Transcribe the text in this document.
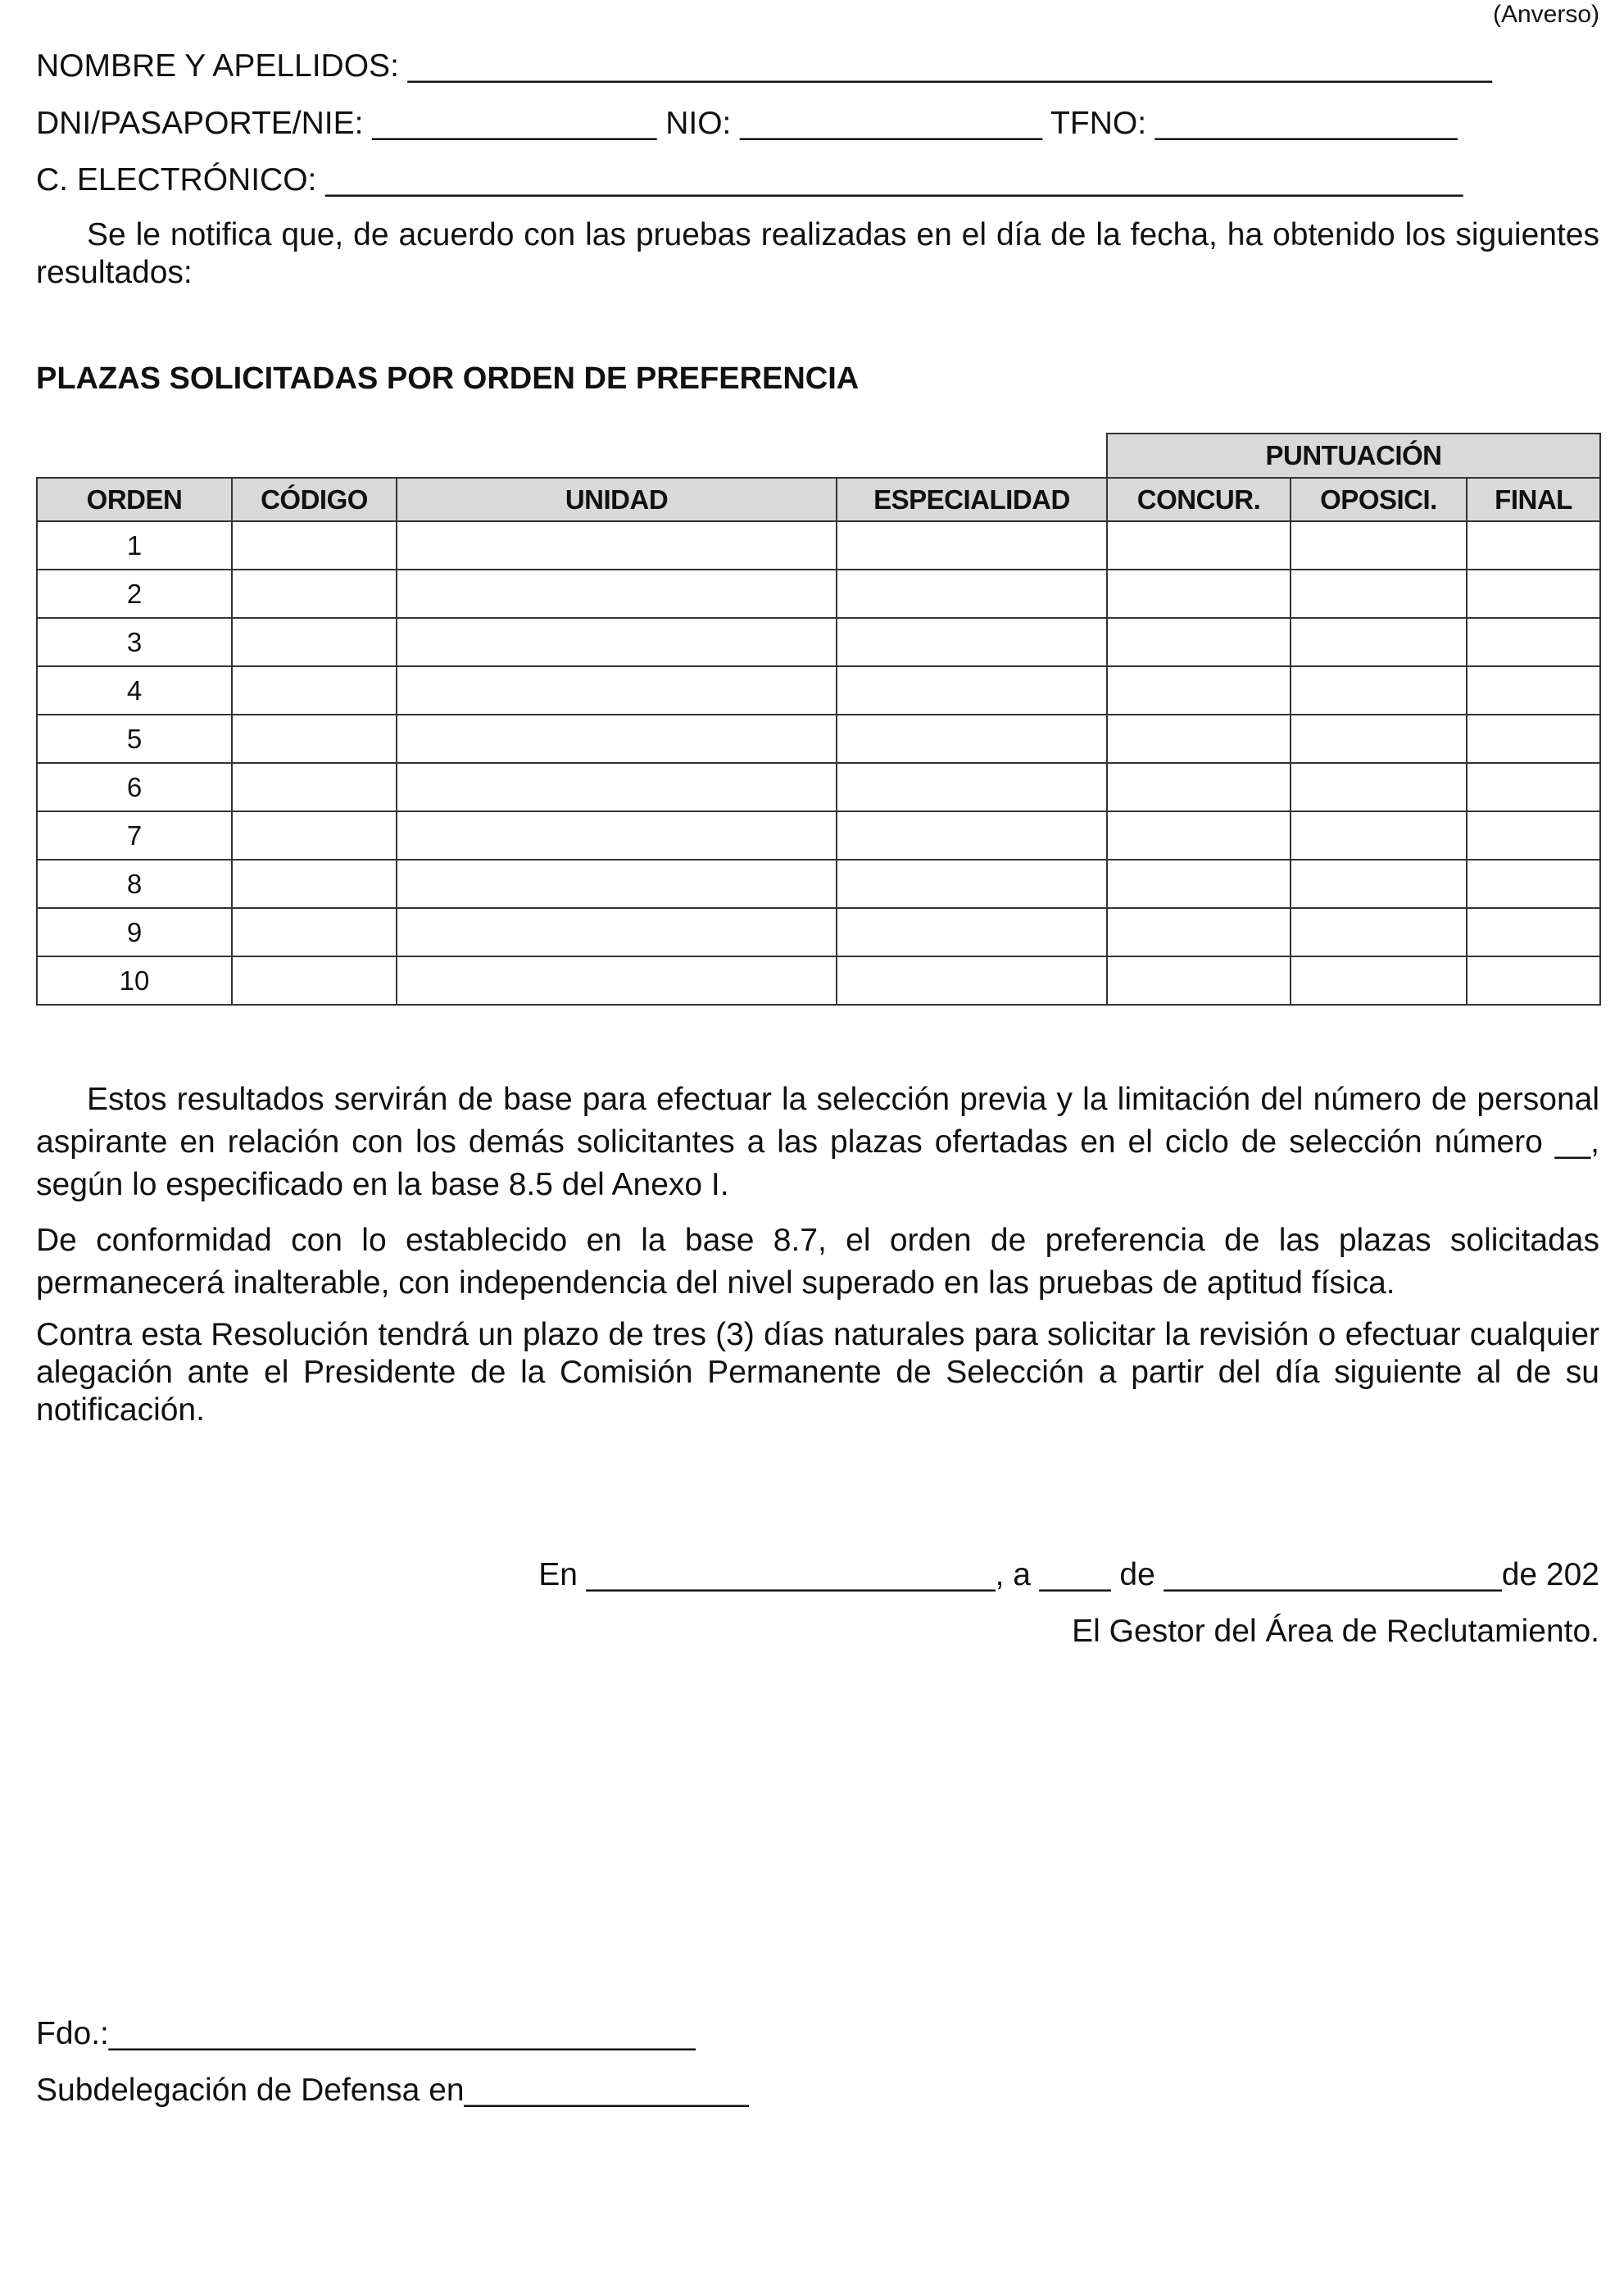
(Anverso)
NOMBRE Y APELLIDOS: _____________________________________________________________
DNI/PASAPORTE/NIE: ________________ NIO: _________________ TFNO: _________________
C. ELECTRÓNICO: ________________________________________________________________
Se le notifica que, de acuerdo con las pruebas realizadas en el día de la fecha, ha obtenido los siguientes resultados:
PLAZAS SOLICITADAS POR ORDEN DE PREFERENCIA
				PUNTUACIÓN		
ORDEN	CÓDIGO	UNIDAD	ESPECIALIDAD	CONCUR.	OPOSICI.	FINAL
1						
2						
3						
4						
5						
6						
7						
8						
9						
10						
Estos resultados servirán de base para efectuar la selección previa y la limitación del número de personal aspirante en relación con los demás solicitantes a las plazas ofertadas en el ciclo de selección número __, según lo especificado en la base 8.5 del Anexo I.
De conformidad con lo establecido en la base 8.7, el orden de preferencia de las plazas solicitadas permanecerá inalterable, con independencia del nivel superado en las pruebas de aptitud física.
Contra esta Resolución tendrá un plazo de tres (3) días naturales para solicitar la revisión o efectuar cualquier alegación ante el Presidente de la Comisión Permanente de Selección a partir del día siguiente al de su notificación.
En _______________________, a ____ de ___________________de 202
El Gestor del Área de Reclutamiento.
Fdo.:_________________________________
Subdelegación de Defensa en________________
